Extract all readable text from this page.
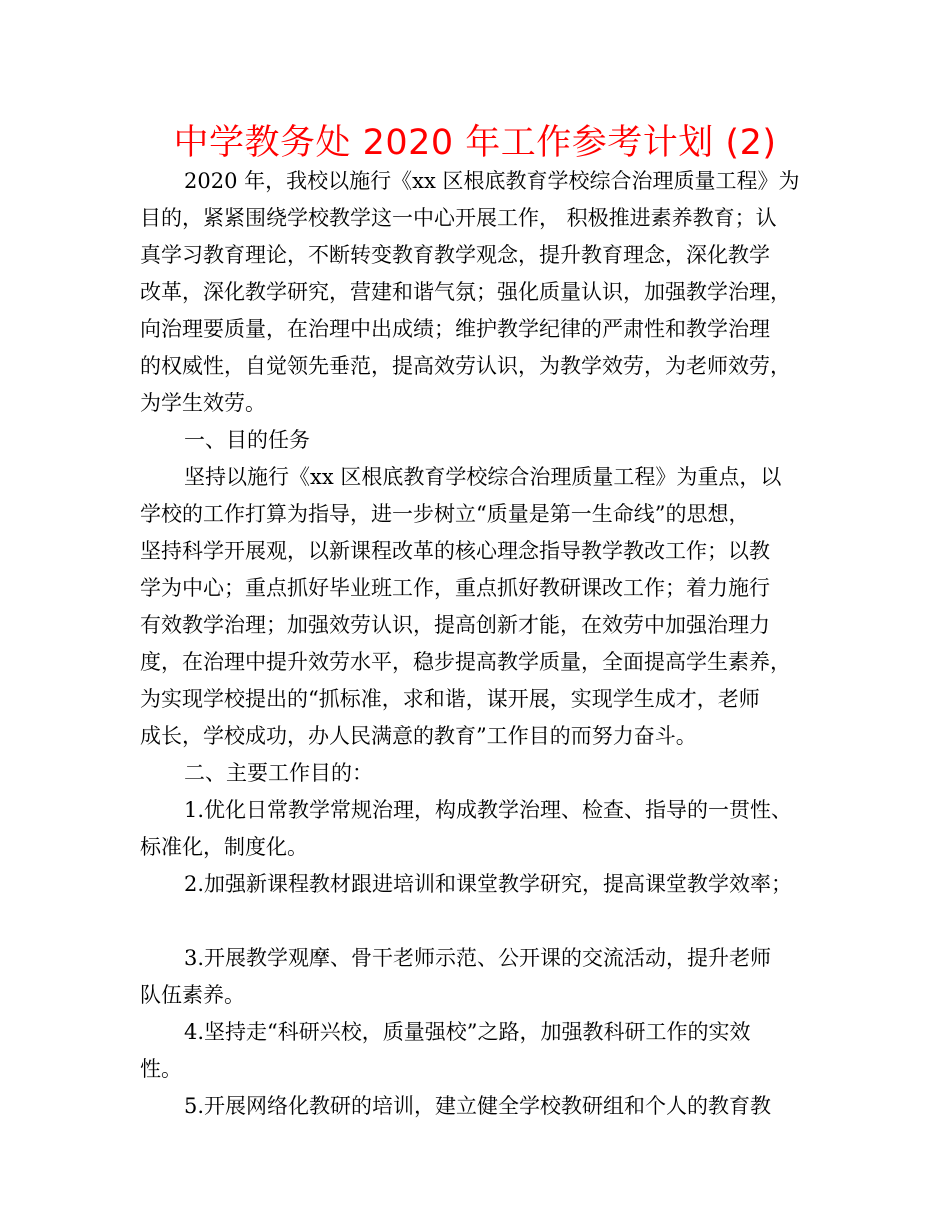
中学教务处 2020 年工作参考计划 (2)
2020 年，我校以施行《xx 区根底教育学校综合治理质量工程》为
目的，紧紧围绕学校教学这一中心开展工作， 积极推进素养教育；认
真学习教育理论，不断转变教育教学观念，提升教育理念，深化教学
改革，深化教学研究，营建和谐气氛；强化质量认识，加强教学治理，
向治理要质量，在治理中出成绩；维护教学纪律的严肃性和教学治理
的权威性，自觉领先垂范，提高效劳认识，为教学效劳，为老师效劳，
为学生效劳。
一、目的任务
坚持以施行《xx 区根底教育学校综合治理质量工程》为重点，以
学校的工作打算为指导，进一步树立“质量是第一生命线”的思想，
坚持科学开展观，以新课程改革的核心理念指导教学教改工作；以教
学为中心；重点抓好毕业班工作，重点抓好教研课改工作；着力施行
有效教学治理；加强效劳认识，提高创新才能，在效劳中加强治理力
度，在治理中提升效劳水平，稳步提高教学质量，全面提高学生素养，
为实现学校提出的“抓标准，求和谐，谋开展，实现学生成才，老师
成长，学校成功，办人民满意的教育”工作目的而努力奋斗。
二、主要工作目的：
1.优化日常教学常规治理，构成教学治理、检查、指导的一贯性、
标准化，制度化。
2.加强新课程教材跟进培训和课堂教学研究，提高课堂教学效率；
3.开展教学观摩、骨干老师示范、公开课的交流活动，提升老师
队伍素养。
4.坚持走“科研兴校，质量强校”之路，加强教科研工作的实效
性。
5.开展网络化教研的培训，建立健全学校教研组和个人的教育教
